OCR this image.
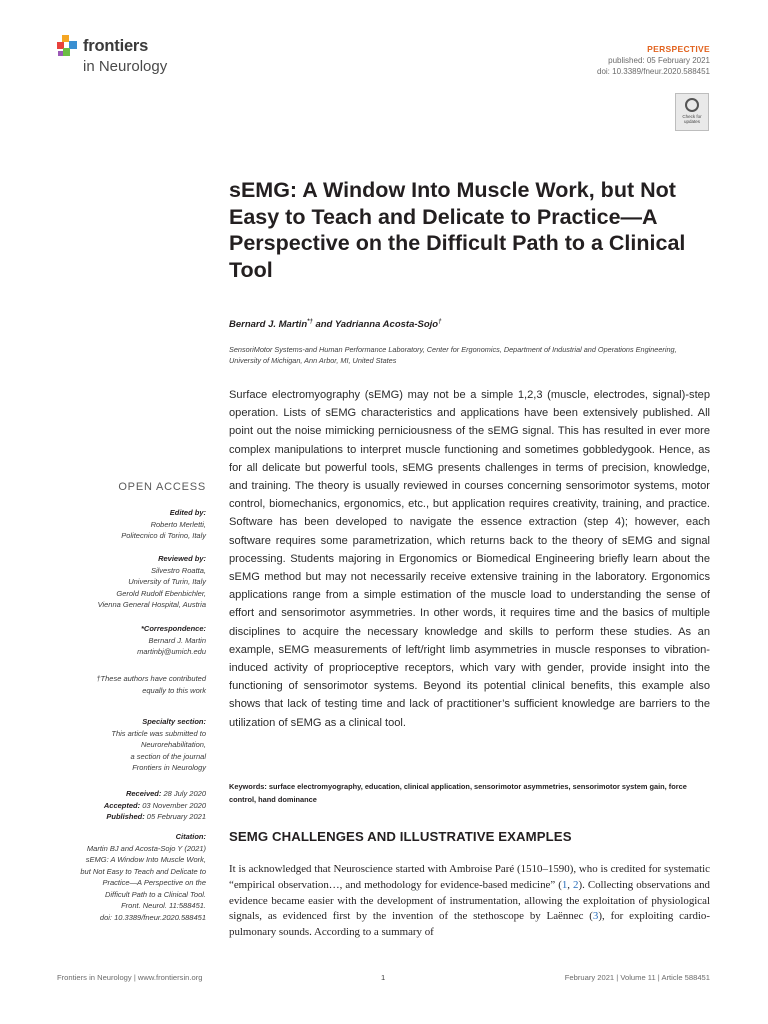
frontiers
in Neurology
PERSPECTIVE
published: 05 February 2021
doi: 10.3389/fneur.2020.588451
Check for updates
sEMG: A Window Into Muscle Work, but Not Easy to Teach and Delicate to Practice—A Perspective on the Difficult Path to a Clinical Tool
Bernard J. Martin*† and Yadrianna Acosta-Sojo†

SensoriMotor Systems-and Human Performance Laboratory, Center for Ergonomics, Department of Industrial and Operations Engineering, University of Michigan, Ann Arbor, MI, United States

Surface electromyography (sEMG) may not be a simple 1,2,3 (muscle, electrodes, signal)-step operation. Lists of sEMG characteristics and applications have been extensively published. All point out the noise mimicking perniciousness of the sEMG signal. This has resulted in ever more complex manipulations to interpret muscle functioning and sometimes gobbledygook. Hence, as for all delicate but powerful tools, sEMG presents challenges in terms of precision, knowledge, and training. The theory is usually reviewed in courses concerning sensorimotor systems, motor control, biomechanics, ergonomics, etc., but application requires creativity, training, and practice. Software has been developed to navigate the essence extraction (step 4); however, each software requires some parametrization, which returns back to the theory of sEMG and signal processing. Students majoring in Ergonomics or Biomedical Engineering briefly learn about the sEMG method but may not necessarily receive extensive training in the laboratory. Ergonomics applications range from a simple estimation of the muscle load to understanding the sense of effort and sensorimotor asymmetries. In other words, it requires time and the basics of multiple disciplines to acquire the necessary knowledge and skills to perform these studies. As an example, sEMG measurements of left/right limb asymmetries in muscle responses to vibration-induced activity of proprioceptive receptors, which vary with gender, provide insight into the functioning of sensorimotor systems. Beyond its potential clinical benefits, this example also shows that lack of testing time and lack of practitioner’s sufficient knowledge are barriers to the utilization of sEMG as a clinical tool.

Keywords: surface electromyography, education, clinical application, sensorimotor asymmetries, sensorimotor system gain, force control, hand dominance

SEMG CHALLENGES AND ILLUSTRATIVE EXAMPLES

It is acknowledged that Neuroscience started with Ambroise Paré (1510–1590), who is credited for systematic “empirical observation…, and methodology for evidence-based medicine” (1, 2). Collecting observations and evidence became easier with the development of instrumentation, allowing the exploitation of physiological signals, as evidenced first by the invention of the stethoscope by Laënnec (3), for exploiting cardio-pulmonary sounds. According to a summary of

OPEN ACCESS

Edited by:

Roberto Merletti,

Politecnico di Torino, Italy

Reviewed by:

Silvestro Roatta,

University of Turin, Italy

Gerold Rudolf Ebenbichler,

Vienna General Hospital, Austria

*Correspondence:

Bernard J. Martin

martinbj@umich.edu

†These authors have contributed

equally to this work

Specialty section:

This article was submitted to

Neurorehabilitation,

a section of the journal

Frontiers in Neurology

Received: 28 July 2020

Accepted: 03 November 2020

Published: 05 February 2021

Citation:

Martin BJ and Acosta-Sojo Y (2021)

sEMG: A Window Into Muscle Work,

but Not Easy to Teach and Delicate to

Practice—A Perspective on the

Difficult Path to a Clinical Tool.

Front. Neurol. 11:588451.

doi: 10.3389/fneur.2020.588451

Frontiers in Neurology | www.frontiersin.org	1	February 2021 | Volume 11 | Article 588451
